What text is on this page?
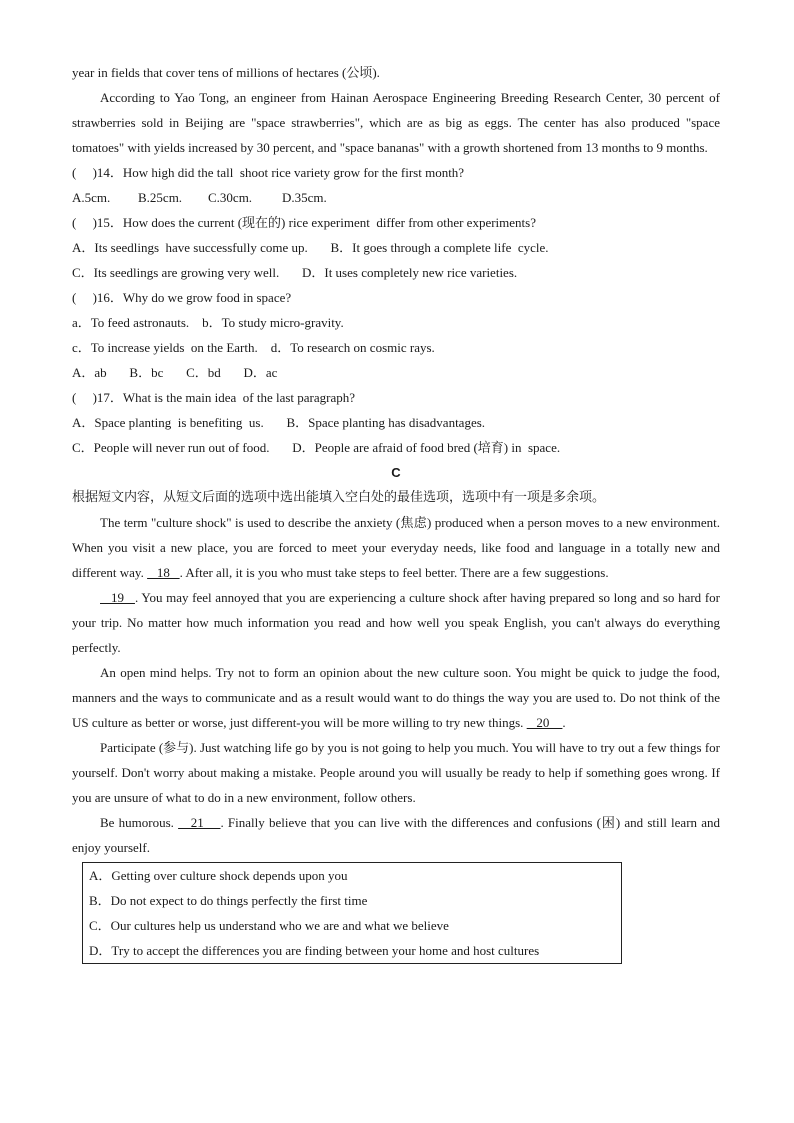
year in fields that cover tens of millions of hectares (公顷).
According to Yao Tong, an engineer from Hainan Aerospace Engineering Breeding Research Center, 30 percent of strawberries sold in Beijing are "space strawberries", which are as big as eggs. The center has also produced "space tomatoes" with yields increased by 30 percent, and "space bananas" with a growth shortened from 13 months to 9 months.
(     )14．How high did the tall  shoot rice variety grow for the first month?
A.5cm. B.25cm. C.30cm. D.35cm.
(     )15．How does the current (现在的) rice experiment  differ from other experiments?
A．Its seedlings  have successfully come up.       B．It goes through a complete life  cycle.
C．Its seedlings are growing very well.       D．It uses completely new rice varieties.
(     )16．Why do we grow food in space?
a．To feed astronauts.    b．To study micro-gravity.
c．To increase yields  on the Earth.    d．To research on cosmic rays.
A．ab       B．bc       C．bd       D．ac
(     )17．What is the main idea  of the last paragraph?
A．Space planting  is benefiting  us.       B．Space planting has disadvantages.
C．People will never run out of food.       D．People are afraid of food bred (培育) in  space.
C
根据短文内容，从短文后面的选项中选出能填入空白处的最佳选项，选项中有一项是多余项。
The term "culture shock" is used to describe the anxiety (焦虑) produced when a person moves to a new environment. When you visit a new place, you are forced to meet your everyday needs, like food and language in a totally new and different way.    18   . After all, it is you who must take steps to feel better. There are a few suggestions.
19   . You may feel annoyed that you are experiencing a culture shock after having prepared so long and so hard for your trip. No matter how much information you read and how well you speak English, you can't always do everything perfectly.
An open mind helps. Try not to form an opinion about the new culture soon. You might be quick to judge the food, manners and the ways to communicate and as a result would want to do things the way you are used to. Do not think of the US culture as better or worse, just different-you will be more willing to try new things.    20    .
Participate (参与). Just watching life go by you is not going to help you much. You will have to try out a few things for yourself. Don't worry about making a mistake. People around you will usually be ready to help if something goes wrong. If you are unsure of what to do in a new environment, follow others.
Be humorous.    21    . Finally believe that you can live with the differences and confusions (困) and still learn and enjoy yourself.
A．Getting over culture shock depends upon you
B．Do not expect to do things perfectly the first time
C．Our cultures help us understand who we are and what we believe
D．Try to accept the differences you are finding between your home and host cultures
